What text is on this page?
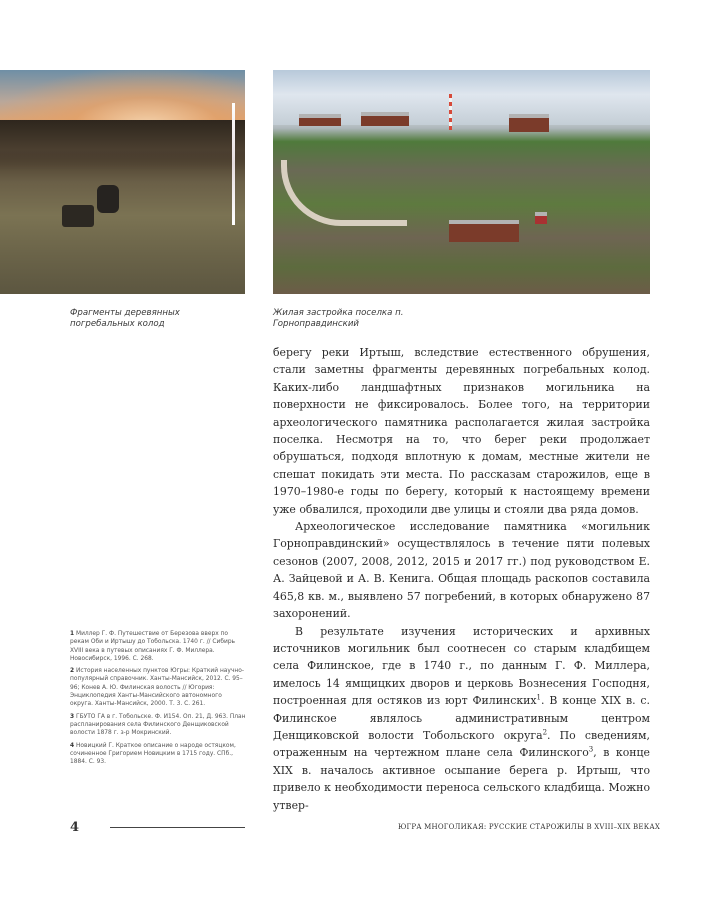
Фрагменты деревянных погребальных колод

Жилая застройка поселка п. Горноправдинский

берегу реки Иртыш, вследствие естественного обрушения, стали заметны фрагменты деревянных погребальных колод. Каких-либо ландшафтных признаков могильника на поверхности не фиксировалось. Более того, на территории археологического памятника располагается жилая застройка поселка. Несмотря на то, что берег реки продолжает обрушаться, подходя вплотную к домам, местные жители не спешат покидать эти места. По рассказам старожилов, еще в 1970–1980-е годы по берегу, который к настоящему времени уже обвалился, проходили две улицы и стояли два ряда домов.

Археологическое исследование памятника «могильник Горноправдинский» осуществлялось в течение пяти полевых сезонов (2007, 2008, 2012, 2015 и 2017 гг.) под руководством Е. А. Зайцевой и А. В. Кенига. Общая площадь раскопов составила 465,8 кв. м., выявлено 57 погребений, в которых обнаружено 87 захоронений.

В результате изучения исторических и архивных источников могильник был соотнесен со старым кладбищем села Филинское, где в 1740 г., по данным Г. Ф. Миллера, имелось 14 ямщицких дворов и церковь Вознесения Господня, построенная для остяков из юрт Филинских$^1$. В конце XIX в. с. Филинское являлось административным центром Денщиковской волости Тобольского округа$^2$. По сведениям, отраженным на чертежном плане села Филинского$^3$, в конце XIX в. началось активное осыпание берега р. Иртыш, что привело к необходимости переноса сельского кладбища. Можно утвер-

1 Миллер Г. Ф. Путешествие от Березова вверх по рекам Оби и Иртышу до Тобольска. 1740 г. // Сибирь XVIII века в путевых описаниях Г. Ф. Миллера. Новосибирск, 1996. С. 268.

2 История населенных пунктов Югры: Краткий научно-популярный справочник. Ханты-Мансийск, 2012. С. 95–96; Конев А. Ю. Филинская волость // Югория: Энциклопедия Ханты-Мансийского автономного округа. Ханты-Мансийск, 2000. Т. 3. С. 261.

3 ГБУТО ГА в г. Тобольске. Ф. И154. Оп. 21, Д. 963. План распланирования села Филинского Денщиковской волости 1878 г. з-р Мокринский.

4 Новицкий Г. Краткое описание о народе остяцком, сочиненное Григорием Новицким в 1715 году. СПб., 1884. С. 93.

4	ЮГРА МНОГОЛИКАЯ: РУССКИЕ СТАРОЖИЛЫ В XVIII–XIX ВЕКАХ
